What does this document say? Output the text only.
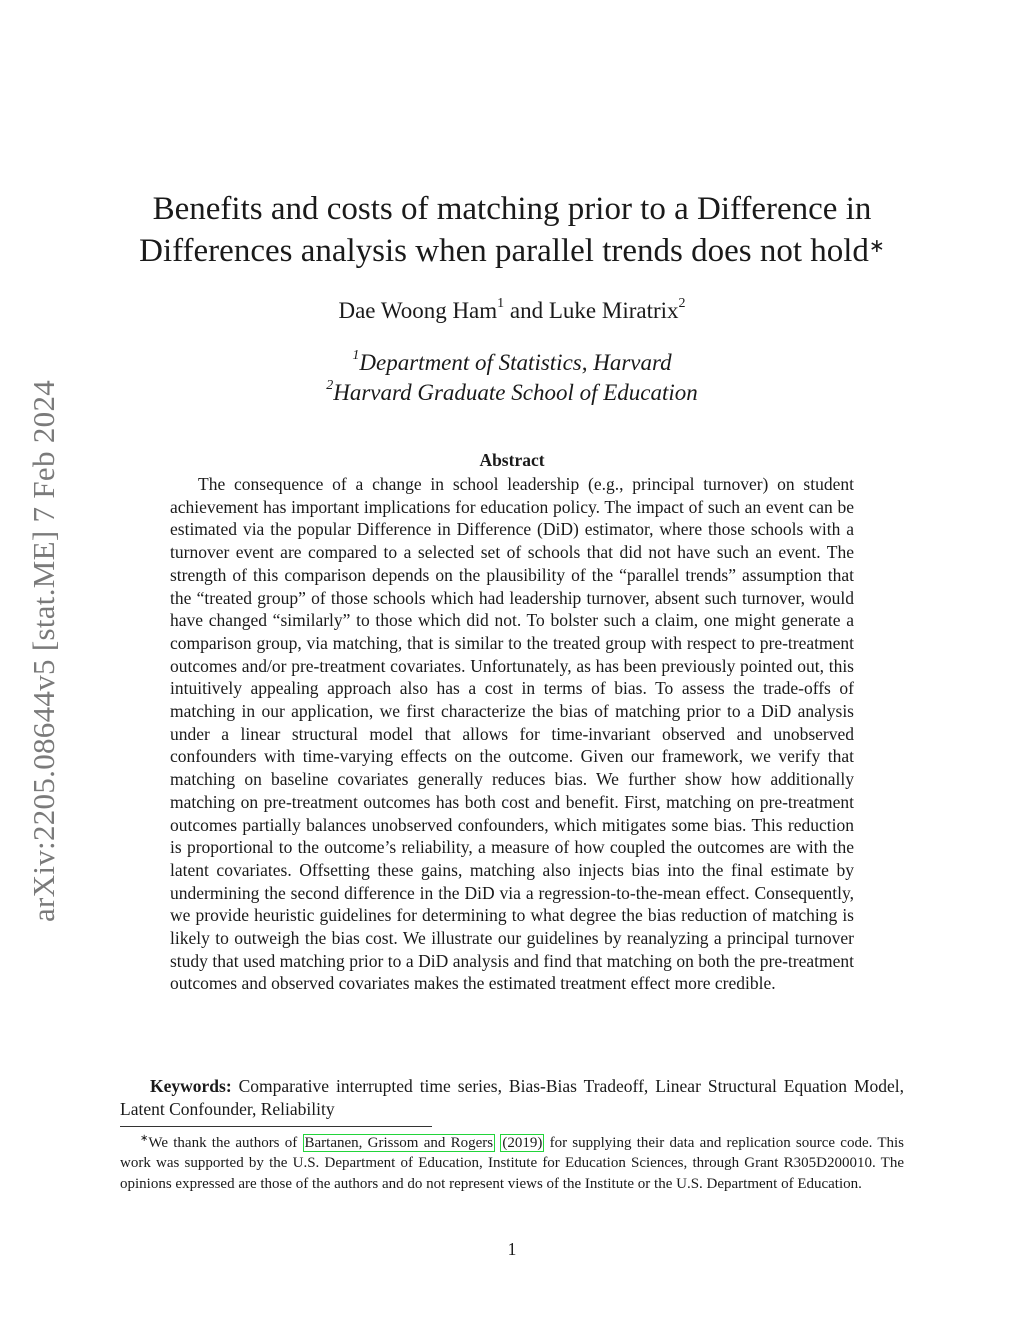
arXiv:2205.08644v5 [stat.ME] 7 Feb 2024
Benefits and costs of matching prior to a Difference in
Differences analysis when parallel trends does not hold∗
Dae Woong Ham$^1$ and Luke Miratrix$^2$
$^1$Department of Statistics, Harvard
$^2$Harvard Graduate School of Education
Abstract

The consequence of a change in school leadership (e.g., principal turnover) on student achievement has important implications for education policy. The impact of such an event can be estimated via the popular Difference in Difference (DiD) estimator, where those schools with a turnover event are compared to a selected set of schools that did not have such an event. The strength of this comparison depends on the plausibility of the “parallel trends” assumption that the “treated group” of those schools which had leadership turnover, absent such turnover, would have changed “similarly” to those which did not. To bolster such a claim, one might generate a comparison group, via matching, that is similar to the treated group with respect to pre-treatment outcomes and/or pre-treatment covariates. Unfortunately, as has been previously pointed out, this intuitively appealing approach also has a cost in terms of bias. To assess the trade-offs of matching in our application, we first characterize the bias of matching prior to a DiD analysis under a linear structural model that allows for time-invariant observed and unobserved confounders with time-varying effects on the outcome. Given our framework, we verify that matching on baseline covariates generally reduces bias. We further show how additionally matching on pre-treatment outcomes has both cost and benefit. First, matching on pre-treatment outcomes partially balances unobserved confounders, which mitigates some bias. This reduction is proportional to the outcome’s reliability, a measure of how coupled the outcomes are with the latent covariates. Offsetting these gains, matching also injects bias into the final estimate by undermining the second difference in the DiD via a regression-to-the-mean effect. Consequently, we provide heuristic guidelines for determining to what degree the bias reduction of matching is likely to outweigh the bias cost. We illustrate our guidelines by reanalyzing a principal turnover study that used matching prior to a DiD analysis and find that matching on both the pre-treatment outcomes and observed covariates makes the estimated treatment effect more credible.

Keywords: Comparative interrupted time series, Bias-Bias Tradeoff, Linear Structural Equation Model, Latent Confounder, Reliability

∗We thank the authors of Bartanen, Grissom and Rogers (2019) for supplying their data and replication source code. This work was supported by the U.S. Department of Education, Institute for Education Sciences, through Grant R305D200010. The opinions expressed are those of the authors and do not represent views of the Institute or the U.S. Department of Education.

1
